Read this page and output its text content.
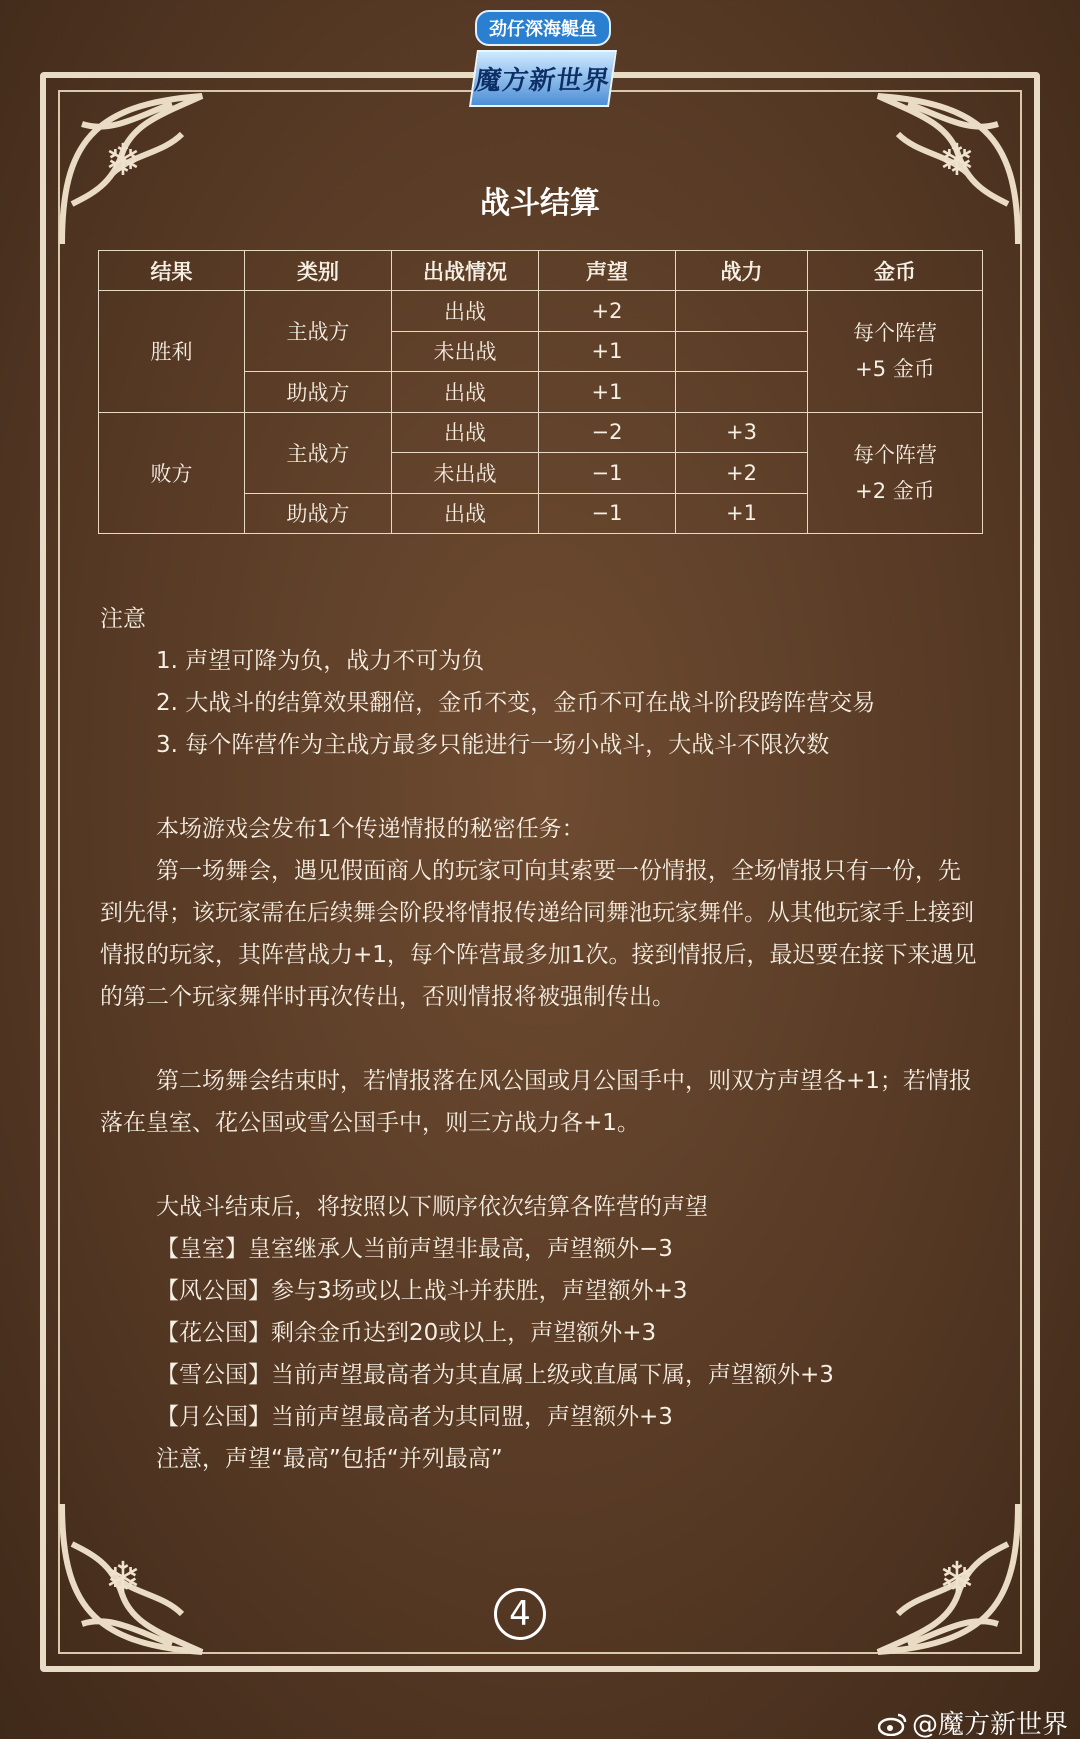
❄	❄
❄	❄
劲仔深海鳀鱼
魔方新世界
战斗结算
结果	类别	出战情况	声望	战力	金币
胜利	主战方	出战	+2		每个阵营
+5 金币

		未出战	+1		
	助战方	出战	+1		
败方	主战方	出战	−2	+3	每个阵营
+2 金币

		未出战	−1	+2	
	助战方	出战	−1	+1	
注意
1. 声望可降为负，战力不可为负
2. 大战斗的结算效果翻倍，金币不变，金币不可在战斗阶段跨阵营交易
3. 每个阵营作为主战方最多只能进行一场小战斗，大战斗不限次数
本场游戏会发布1个传递情报的秘密任务：
第一场舞会，遇见假面商人的玩家可向其索要一份情报，全场情报只有一份，先到先得；该玩家需在后续舞会阶段将情报传递给同舞池玩家舞伴。从其他玩家手上接到情报的玩家，其阵营战力+1，每个阵营最多加1次。接到情报后，最迟要在接下来遇见的第二个玩家舞伴时再次传出，否则情报将被强制传出。
第二场舞会结束时，若情报落在风公国或月公国手中，则双方声望各+1；若情报落在皇室、花公国或雪公国手中，则三方战力各+1。
大战斗结束后，将按照以下顺序依次结算各阵营的声望
【皇室】皇室继承人当前声望非最高，声望额外−3
【风公国】参与3场或以上战斗并获胜，声望额外+3
【花公国】剩余金币达到20或以上，声望额外+3
【雪公国】当前声望最高者为其直属上级或直属下属，声望额外+3
【月公国】当前声望最高者为其同盟，声望额外+3
注意，声望“最高”包括“并列最高”
4
@魔方新世界
